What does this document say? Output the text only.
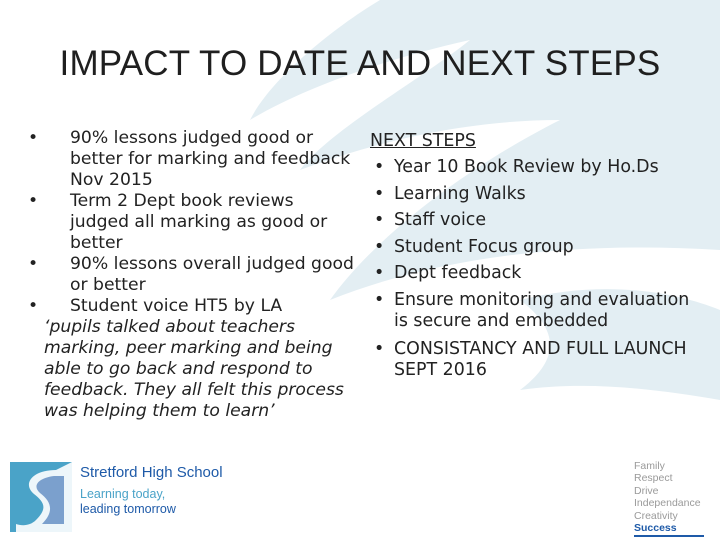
IMPACT TO DATE AND NEXT STEPS
• 90% lessons judged good or better for marking and feedback Nov 2015
• Term 2 Dept book reviews judged all marking as good or better
• 90% lessons overall judged good or better
• Student voice HT5 by LA
‘pupils talked about teachers marking, peer marking and being able to go back and respond to feedback. They all felt this process was helping them to learn’
NEXT STEPS
• Year 10 Book Review by Ho.Ds
• Learning Walks
• Staff voice
• Student Focus group
• Dept feedback
• Ensure monitoring and evaluation is secure and embedded
• CONSISTANCY AND FULL LAUNCH SEPT 2016
Stretford High School
Learning today,
leading tomorrow
Family
Respect
Drive
Independance
Creativity
Success
